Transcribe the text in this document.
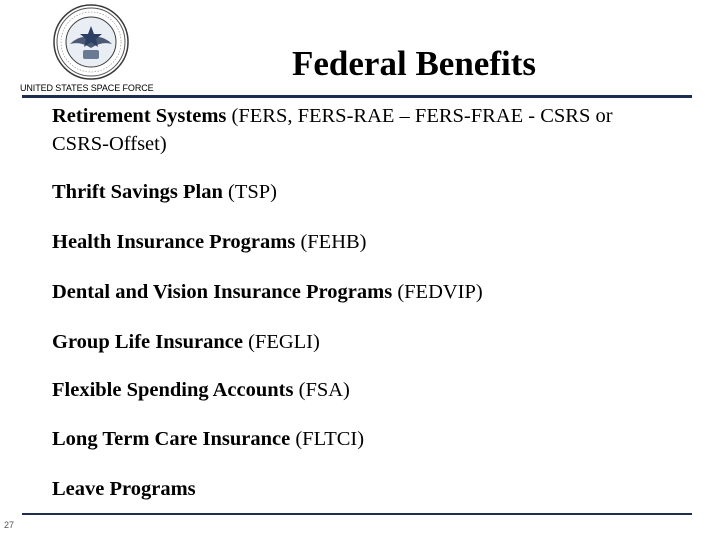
UNITED STATES SPACE FORCE
Federal Benefits
Retirement Systems (FERS, FERS-RAE – FERS-FRAE - CSRS or CSRS-Offset)
Thrift Savings Plan (TSP)
Health Insurance Programs (FEHB)
Dental and Vision Insurance Programs (FEDVIP)
Group Life Insurance (FEGLI)
Flexible Spending Accounts (FSA)
Long Term Care Insurance (FLTCI)
Leave Programs
27
